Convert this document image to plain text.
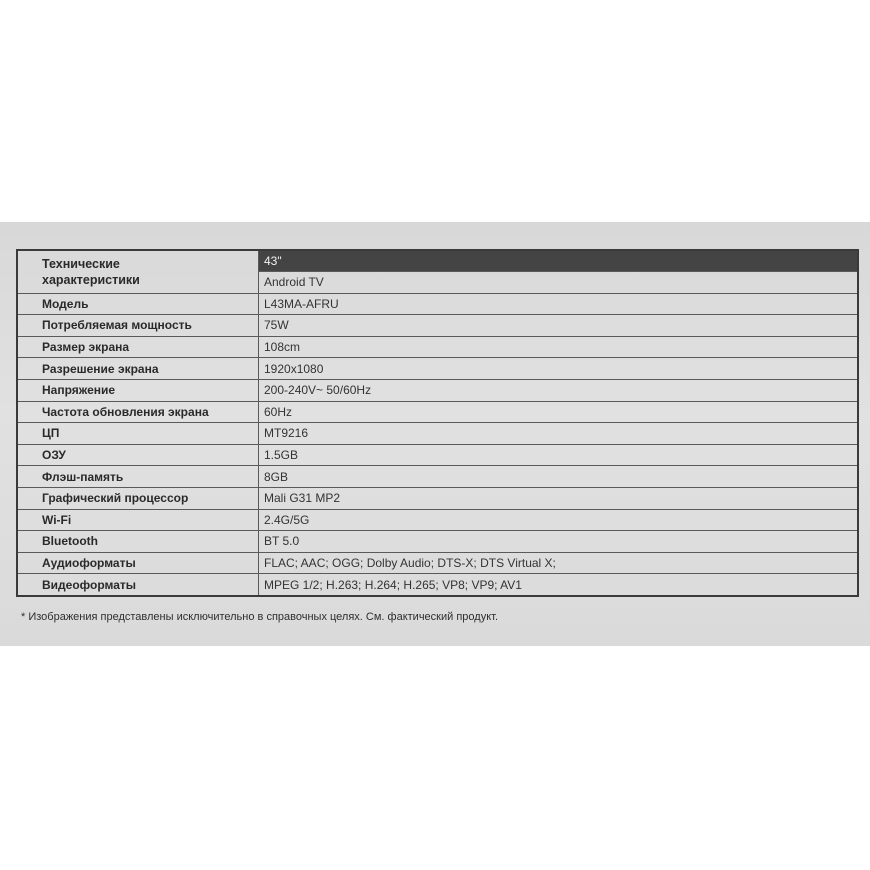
Технические
характеристики	43"
	Android TV
Модель	L43MA-AFRU
Потребляемая мощность	75W
Размер экрана	108cm
Разрешение экрана	1920x1080
Напряжение	200-240V~ 50/60Hz
Частота обновления экрана	60Hz
ЦП	MT9216
ОЗУ	1.5GB
Флэш-память	8GB
Графический процессор	Mali G31 MP2
Wi-Fi	2.4G/5G
Bluetooth	BT 5.0
Аудиоформаты	FLAC; AAC; OGG; Dolby Audio; DTS-X; DTS Virtual X;
Видеоформаты	MPEG 1/2; H.263; H.264; H.265; VP8; VP9; AV1
* Изображения представлены исключительно в справочных целях. См. фактический продукт.
